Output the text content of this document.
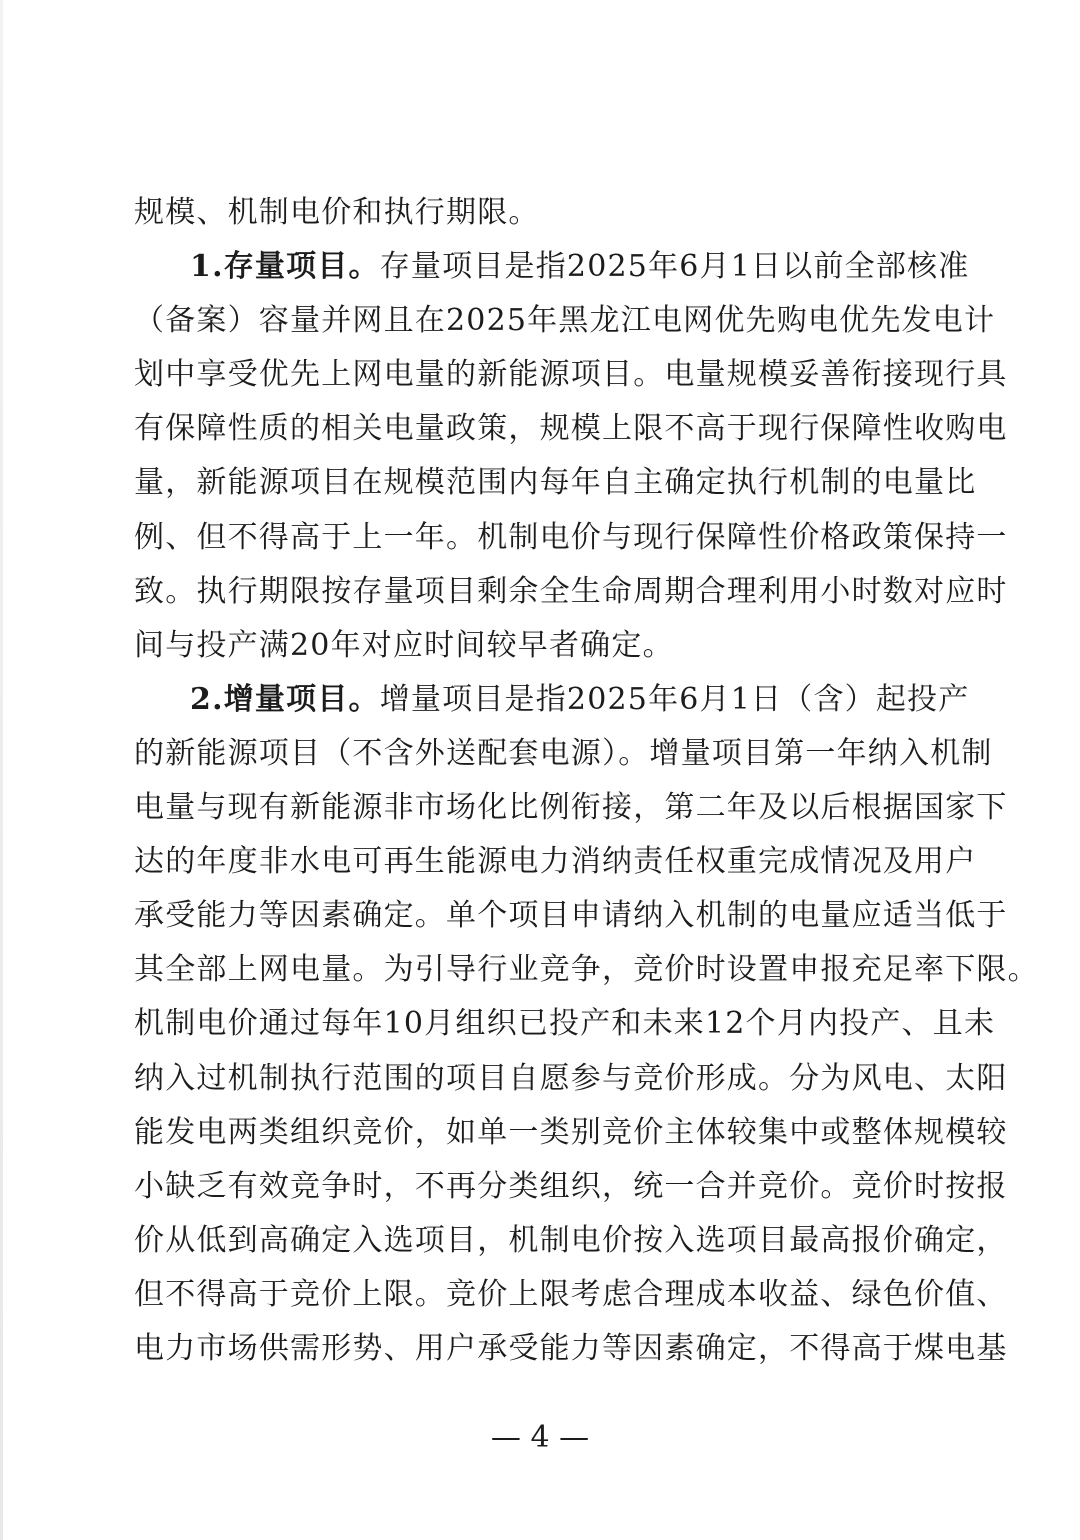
规模、机制电价和执行期限。
1.存量项目。存量项目是指2025年6月1日以前全部核准
（备案）容量并网且在2025年黑龙江电网优先购电优先发电计
划中享受优先上网电量的新能源项目。电量规模妥善衔接现行具
有保障性质的相关电量政策，规模上限不高于现行保障性收购电
量，新能源项目在规模范围内每年自主确定执行机制的电量比
例、但不得高于上一年。机制电价与现行保障性价格政策保持一
致。执行期限按存量项目剩余全生命周期合理利用小时数对应时
间与投产满20年对应时间较早者确定。
2.增量项目。增量项目是指2025年6月1日（含）起投产
的新能源项目（不含外送配套电源）。增量项目第一年纳入机制
电量与现有新能源非市场化比例衔接，第二年及以后根据国家下
达的年度非水电可再生能源电力消纳责任权重完成情况及用户
承受能力等因素确定。单个项目申请纳入机制的电量应适当低于
其全部上网电量。为引导行业竞争，竞价时设置申报充足率下限。
机制电价通过每年10月组织已投产和未来12个月内投产、且未
纳入过机制执行范围的项目自愿参与竞价形成。分为风电、太阳
能发电两类组织竞价，如单一类别竞价主体较集中或整体规模较
小缺乏有效竞争时，不再分类组织，统一合并竞价。竞价时按报
价从低到高确定入选项目，机制电价按入选项目最高报价确定，
但不得高于竞价上限。竞价上限考虑合理成本收益、绿色价值、
电力市场供需形势、用户承受能力等因素确定，不得高于煤电基
— 4 —
